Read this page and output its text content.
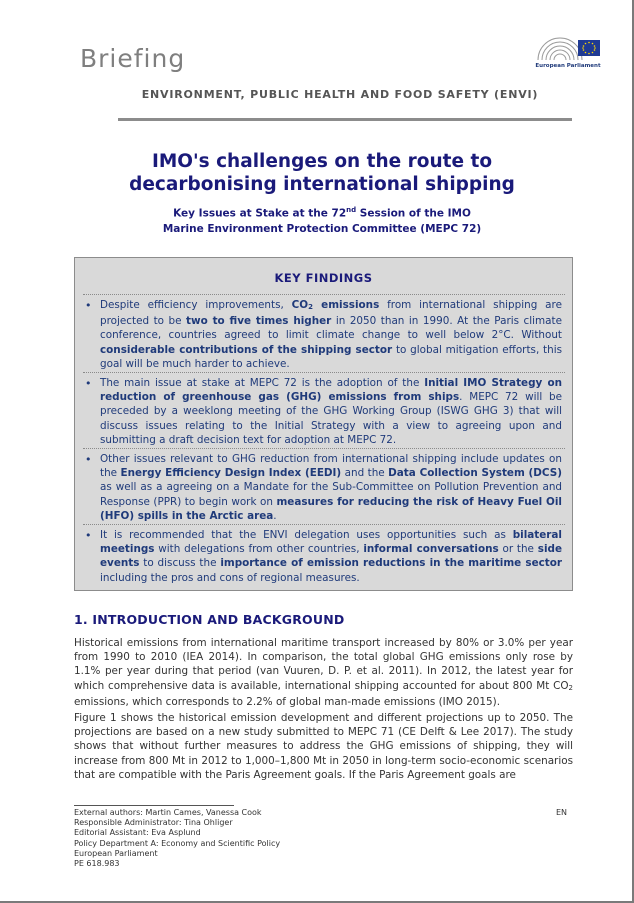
Briefing	European Parliament
ENVIRONMENT, PUBLIC HEALTH AND FOOD SAFETY (ENVI)
IMO's challenges on the route to
decarbonising international shipping
Key Issues at Stake at the 72nd Session of the IMO
Marine Environment Protection Committee (MEPC 72)
KEY FINDINGS
• Despite efficiency improvements, CO2 emissions from international shipping are projected to be two to five times higher in 2050 than in 1990. At the Paris climate conference, countries agreed to limit climate change to well below 2°C. Without considerable contributions of the shipping sector to global mitigation efforts, this goal will be much harder to achieve.
• The main issue at stake at MEPC 72 is the adoption of the Initial IMO Strategy on reduction of greenhouse gas (GHG) emissions from ships. MEPC 72 will be preceded by a weeklong meeting of the GHG Working Group (ISWG GHG 3) that will discuss issues relating to the Initial Strategy with a view to agreeing upon and submitting a draft decision text for adoption at MEPC 72.
• Other issues relevant to GHG reduction from international shipping include updates on the Energy Efficiency Design Index (EEDI) and the Data Collection System (DCS) as well as a agreeing on a Mandate for the Sub-Committee on Pollution Prevention and Response (PPR) to begin work on measures for reducing the risk of Heavy Fuel Oil (HFO) spills in the Arctic area.
• It is recommended that the ENVI delegation uses opportunities such as bilateral meetings with delegations from other countries, informal conversations or the side events to discuss the importance of emission reductions in the maritime sector including the pros and cons of regional measures.
1. INTRODUCTION AND BACKGROUND
Historical emissions from international maritime transport increased by 80% or 3.0% per year from 1990 to 2010 (IEA 2014). In comparison, the total global GHG emissions only rose by 1.1% per year during that period (van Vuuren, D. P. et al. 2011). In 2012, the latest year for which comprehensive data is available, international shipping accounted for about 800 Mt CO2 emissions, which corresponds to 2.2% of global man-made emissions (IMO 2015).
Figure 1 shows the historical emission development and different projections up to 2050. The projections are based on a new study submitted to MEPC 71 (CE Delft & Lee 2017). The study shows that without further measures to address the GHG emissions of shipping, they will increase from 800 Mt in 2012 to 1,000–1,800 Mt in 2050 in long-term socio-economic scenarios that are compatible with the Paris Agreement goals. If the Paris Agreement goals are
External authors: Martin Cames, Vanessa Cook
Responsible Administrator: Tina Ohliger
Editorial Assistant: Eva Asplund
Policy Department A: Economy and Scientific Policy
European Parliament
PE 618.983
EN
